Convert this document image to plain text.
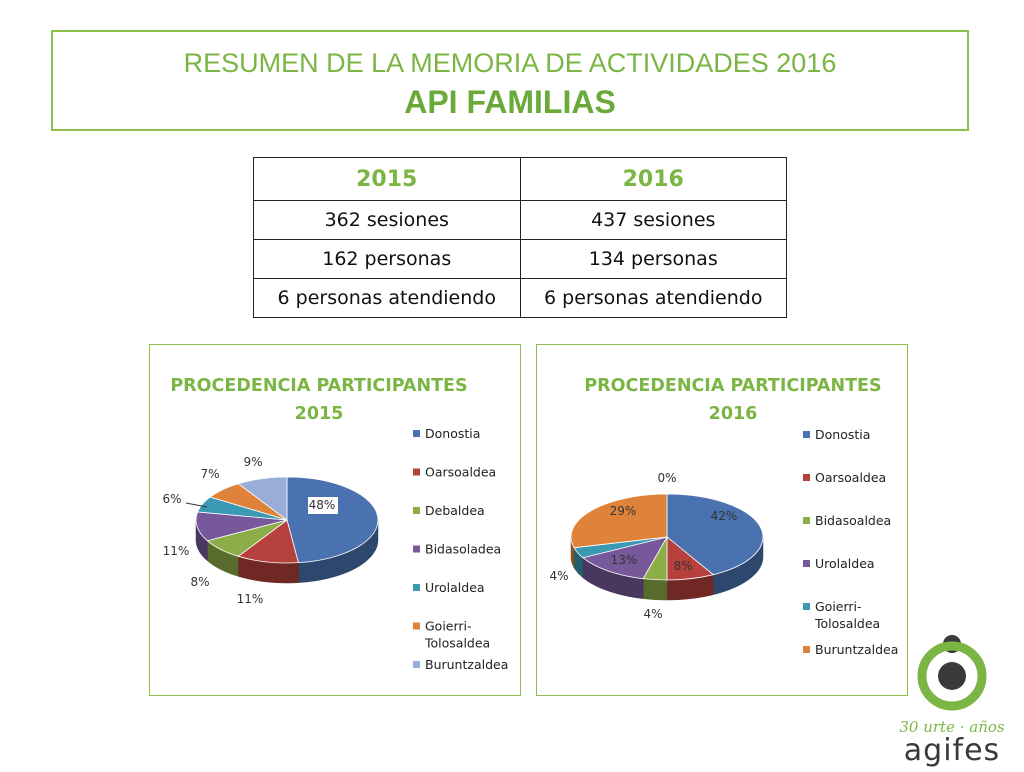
RESUMEN DE LA MEMORIA DE ACTIVIDADES 2016
API FAMILIAS
2015	2016
362 sesiones	437 sesiones
162 personas	134 personas
6 personas atendiendo	6 personas atendiendo
PROCEDENCIA PARTICIPANTES
2015
48%
11%
8%
11%
6%
7%
9%
Donostia
Oarsoaldea
Debaldea
Bidasoladea
Urolaldea
Goierri-Tolosaldea
Buruntzaldea
PROCEDENCIA PARTICIPANTES
2016
42%
8%
4%
13%
4%
29%
0%
Donostia
Oarsoaldea
Bidasoaldea
Urolaldea
Goierri-Tolosaldea
Buruntzaldea
30 urte · años
agifes
